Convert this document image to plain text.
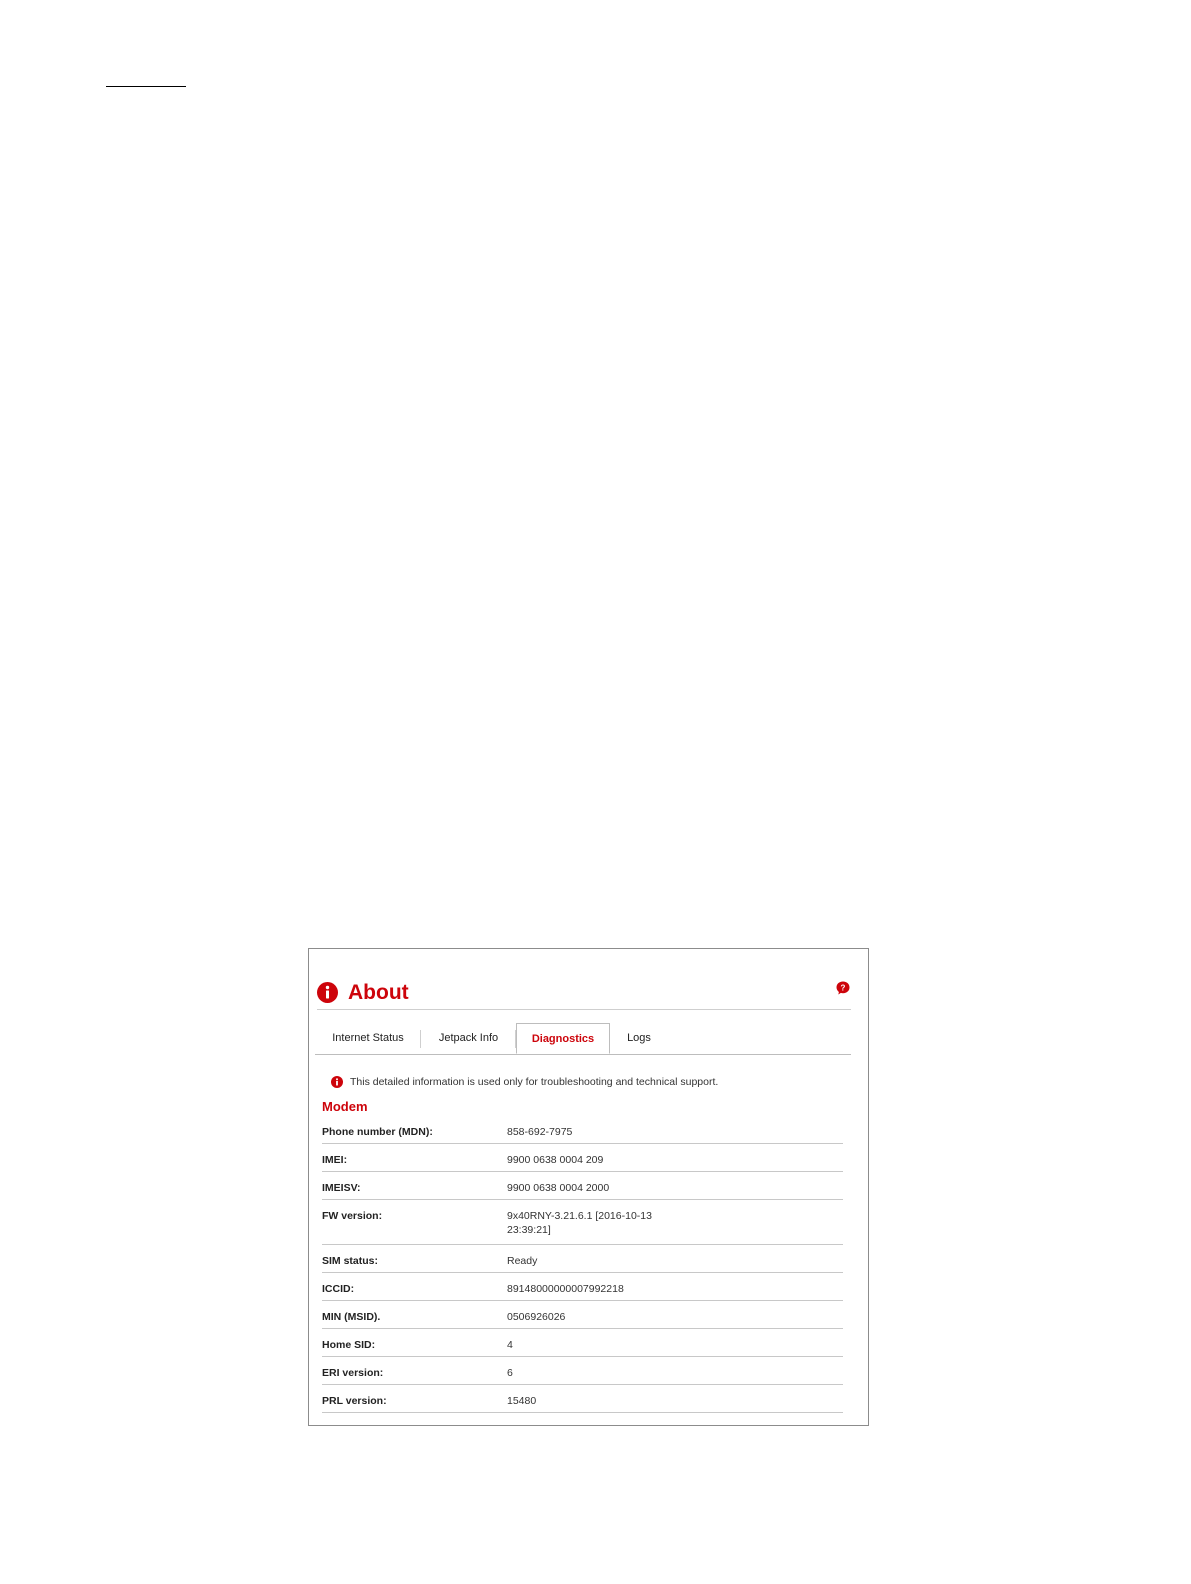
About	?
Internet Status	Jetpack Info	Diagnostics	Logs
This detailed information is used only for troubleshooting and technical support.
Modem
Phone number (MDN):	858-692-7975
IMEI:	9900 0638 0004 209
IMEISV:	9900 0638 0004 2000
FW version:	9x40RNY-3.21.6.1 [2016-10-13 23:39:21]
SIM status:	Ready
ICCID:	89148000000007992218
MIN (MSID).	0506926026
Home SID:	4
ERI version:	6
PRL version:	15480
